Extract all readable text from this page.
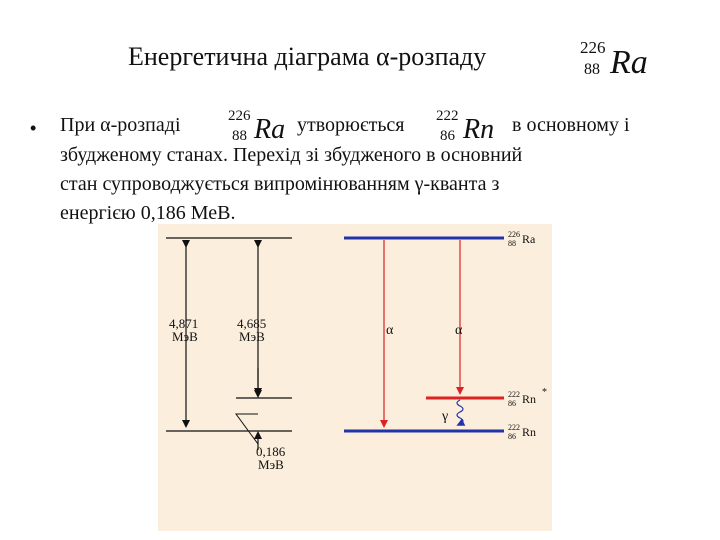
Енергетична діаграма α-розпаду	226
88 Ra
• При α-розпаді	226
88 Ra утворюється 222
86 Rn в основному і
збудженому станах. Перехід зі збудженого в основний
стан супроводжується випромінюванням γ-кванта з
енергією 0,186 МеВ.
4,871
МэВ
4,685
МэВ
0,186
МэВ
α	α
γ
226
88 Ra
222
86 Rn *
222
86 Rn
